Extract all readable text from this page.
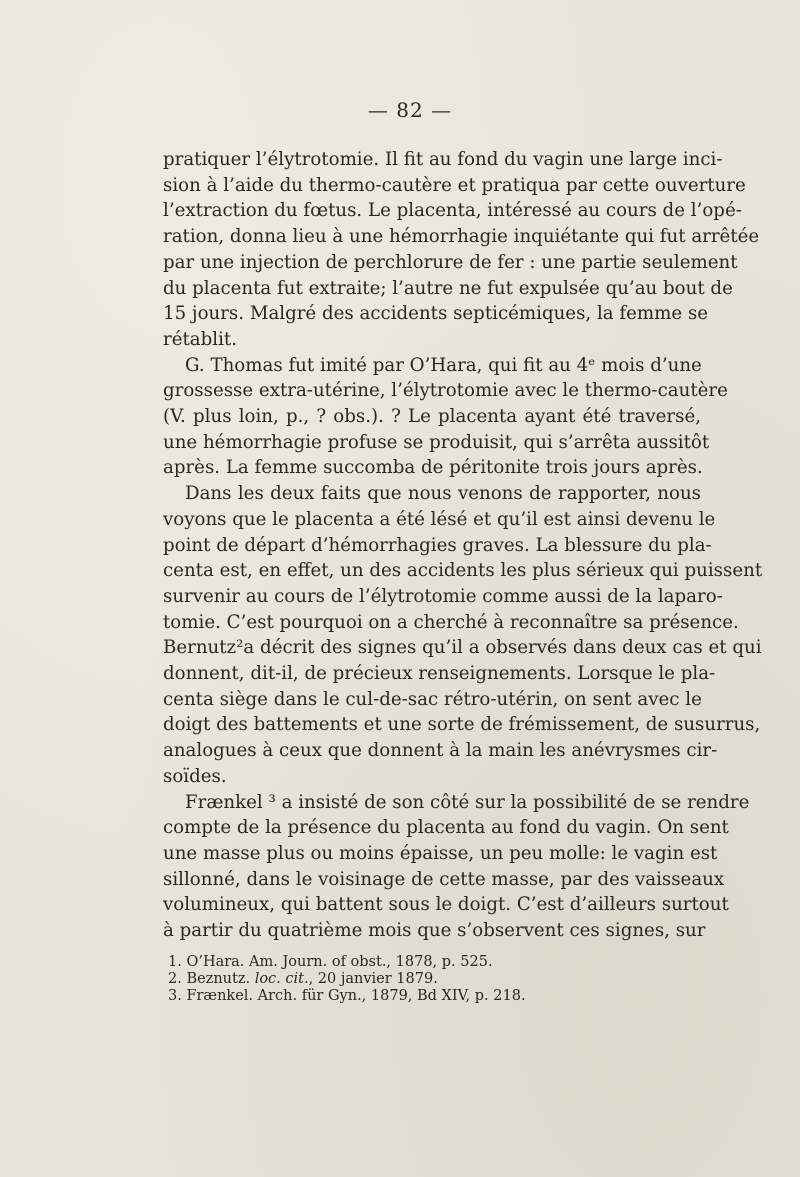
— 82 —

pratiquer l’élytrotomie. Il fit au fond du vagin une large inci-
sion à l’aide du thermo-cautère et pratiqua par cette ouverture
l’extraction du fœtus. Le placenta, intéressé au cours de l’opé-
ration, donna lieu à une hémorrhagie inquiétante qui fut arrêtée
par une injection de perchlorure de fer : une partie seulement
du placenta fut extraite; l’autre ne fut expulsée qu’au bout de
15 jours. Malgré des accidents septicémiques, la femme se
rétablit.

G. Thomas fut imité par O’Hara, qui fit au 4ᵉ mois d’une
grossesse extra-utérine, l’élytrotomie avec le thermo-cautère
(V. plus loin, p., ? obs.). ? Le placenta ayant été traversé,
une hémorrhagie profuse se produisit, qui s’arrêta aussitôt
après. La femme succomba de péritonite trois jours après.

Dans les deux faits que nous venons de rapporter, nous
voyons que le placenta a été lésé et qu’il est ainsi devenu le
point de départ d’hémorrhagies graves. La blessure du pla-
centa est, en effet, un des accidents les plus sérieux qui puissent
survenir au cours de l’élytrotomie comme aussi de la laparo-
tomie. C’est pourquoi on a cherché à reconnaître sa présence.
Bernutz²a décrit des signes qu’il a observés dans deux cas et qui
donnent, dit-il, de précieux renseignements. Lorsque le pla-
centa siège dans le cul-de-sac rétro-utérin, on sent avec le
doigt des battements et une sorte de frémissement, de susurrus,
analogues à ceux que donnent à la main les anévrysmes cir-
soïdes.

Frænkel ³ a insisté de son côté sur la possibilité de se rendre
compte de la présence du placenta au fond du vagin. On sent
une masse plus ou moins épaisse, un peu molle: le vagin est
sillonné, dans le voisinage de cette masse, par des vaisseaux
volumineux, qui battent sous le doigt. C’est d’ailleurs surtout
à partir du quatrième mois que s’observent ces signes, sur

1. O’Hara. Am. Journ. of obst., 1878, p. 525.
2. Beznutz. loc. cit., 20 janvier 1879.
3. Frænkel. Arch. für Gyn., 1879, Bd XIV, p. 218.
